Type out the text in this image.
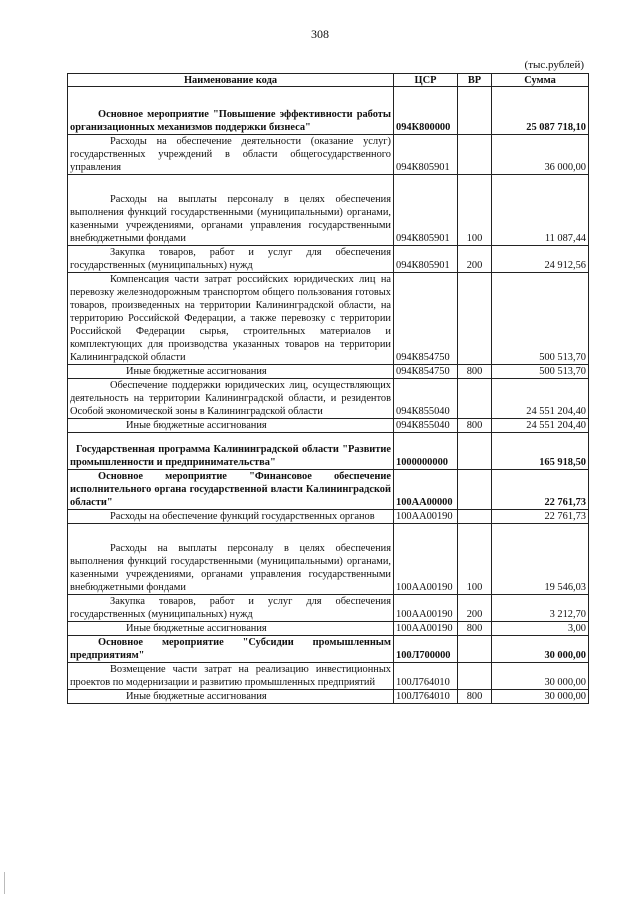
308
(тыс.рублей)
Наименование кода	ЦСР	ВР	Сумма
Основное мероприятие "Повышение эффективности работы организационных механизмов поддержки бизнеса"	094К800000		25 087 718,10
Расходы на обеспечение деятельности (оказание услуг) государственных учреждений в области общегосударственного управления	094К805901		36 000,00
Расходы на выплаты персоналу в целях обеспечения выполнения функций государственными (муниципальными) органами, казенными учреждениями, органами управления государственными внебюджетными фондами	094К805901	100	11 087,44
Закупка товаров, работ и услуг для обеспечения государственных (муниципальных) нужд	094К805901	200	24 912,56
Компенсация части затрат российских юридических лиц на перевозку железнодорожным транспортом общего пользования готовых товаров, произведенных на территории Калининградской области, на территорию Российской Федерации, а также перевозку с территории Российской Федерации сырья, строительных материалов и комплектующих для производства указанных товаров на территории Калининградской области	094К854750		500 513,70
Иные бюджетные ассигнования	094К854750	800	500 513,70
Обеспечение поддержки юридических лиц, осуществляющих деятельность на территории Калининградской области, и резидентов Особой экономической зоны в Калининградской области	094К855040		24 551 204,40
Иные бюджетные ассигнования	094К855040	800	24 551 204,40
Государственная программа Калининградской области "Развитие промышленности и предпринимательства"	1000000000		165 918,50
Основное мероприятие "Финансовое обеспечение исполнительного органа государственной власти Калининградской области"	100АА00000		22 761,73
Расходы на обеспечение функций государственных органов	100АА00190		22 761,73
Расходы на выплаты персоналу в целях обеспечения выполнения функций государственными (муниципальными) органами, казенными учреждениями, органами управления государственными внебюджетными фондами	100АА00190	100	19 546,03
Закупка товаров, работ и услуг для обеспечения государственных (муниципальных) нужд	100АА00190	200	3 212,70
Иные бюджетные ассигнования	100АА00190	800	3,00
Основное мероприятие "Субсидии промышленным предприятиям"	100Л700000		30 000,00
Возмещение части затрат на реализацию инвестиционных проектов по модернизации и развитию промышленных предприятий	100Л764010		30 000,00
Иные бюджетные ассигнования	100Л764010	800	30 000,00
